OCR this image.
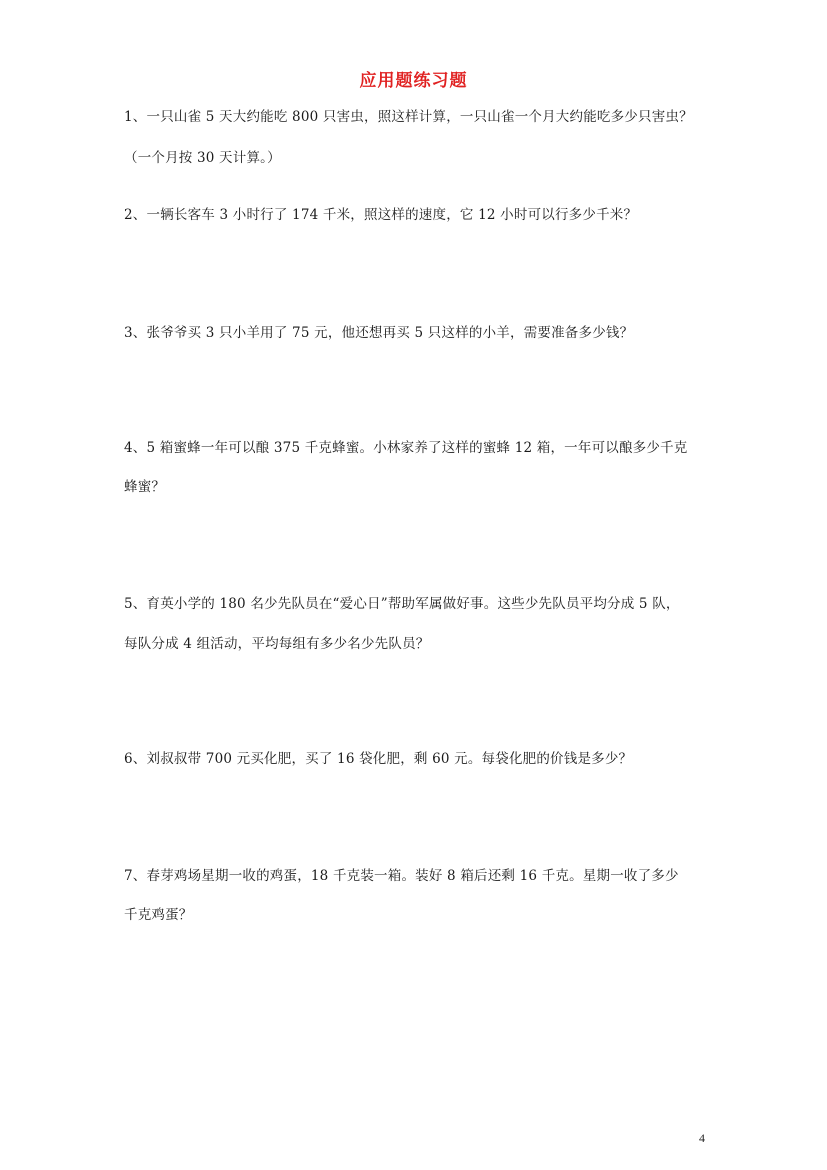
应用题练习题
1、一只山雀 5 天大约能吃 800 只害虫，照这样计算，一只山雀一个月大约能吃多少只害虫？
（一个月按 30 天计算。）
2、一辆长客车 3 小时行了 174 千米，照这样的速度，它 12 小时可以行多少千米？
3、张爷爷买 3 只小羊用了 75 元，他还想再买 5 只这样的小羊，需要准备多少钱？
4、5 箱蜜蜂一年可以酿 375 千克蜂蜜。小林家养了这样的蜜蜂 12 箱，一年可以酿多少千克
蜂蜜？
5、育英小学的 180 名少先队员在“爱心日”帮助军属做好事。这些少先队员平均分成 5 队，
每队分成 4 组活动，平均每组有多少名少先队员？
6、刘叔叔带 700 元买化肥，买了 16 袋化肥，剩 60 元。每袋化肥的价钱是多少？
7、春芽鸡场星期一收的鸡蛋，18 千克装一箱。装好 8 箱后还剩 16 千克。星期一收了多少
千克鸡蛋？
4
